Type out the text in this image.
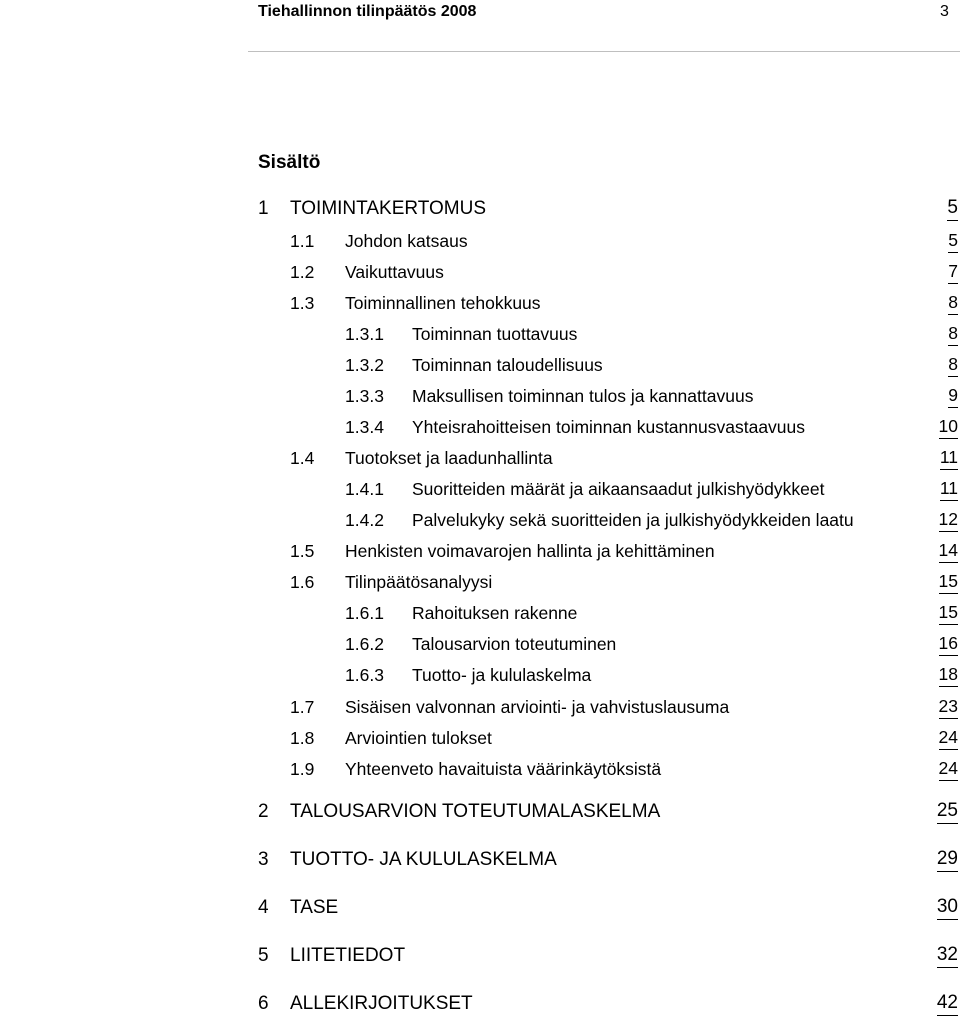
Tiehallinnon tilinpäätös 2008	3
Sisältö
1 TOIMINTAKERTOMUS	5
1.1 Johdon katsaus	5
1.2 Vaikuttavuus	7
1.3 Toiminnallinen tehokkuus	8
1.3.1 Toiminnan tuottavuus	8
1.3.2 Toiminnan taloudellisuus	8
1.3.3 Maksullisen toiminnan tulos ja kannattavuus	9
1.3.4 Yhteisrahoitteisen toiminnan kustannusvastaavuus	10
1.4 Tuotokset ja laadunhallinta	11
1.4.1 Suoritteiden määrät ja aikaansaadut julkishyödykkeet	11
1.4.2 Palvelukyky sekä suoritteiden ja julkishyödykkeiden laatu	12
1.5 Henkisten voimavarojen hallinta ja kehittäminen	14
1.6 Tilinpäätösanalyysi	15
1.6.1 Rahoituksen rakenne	15
1.6.2 Talousarvion toteutuminen	16
1.6.3 Tuotto- ja kululaskelma	18
1.7 Sisäisen valvonnan arviointi- ja vahvistuslausuma	23
1.8 Arviointien tulokset	24
1.9 Yhteenveto havaituista väärinkäytöksistä	24
2 TALOUSARVION TOTEUTUMALASKELMA	25
3 TUOTTO- JA KULULASKELMA	29
4 TASE	30
5 LIITETIEDOT	32
6 ALLEKIRJOITUKSET	42
